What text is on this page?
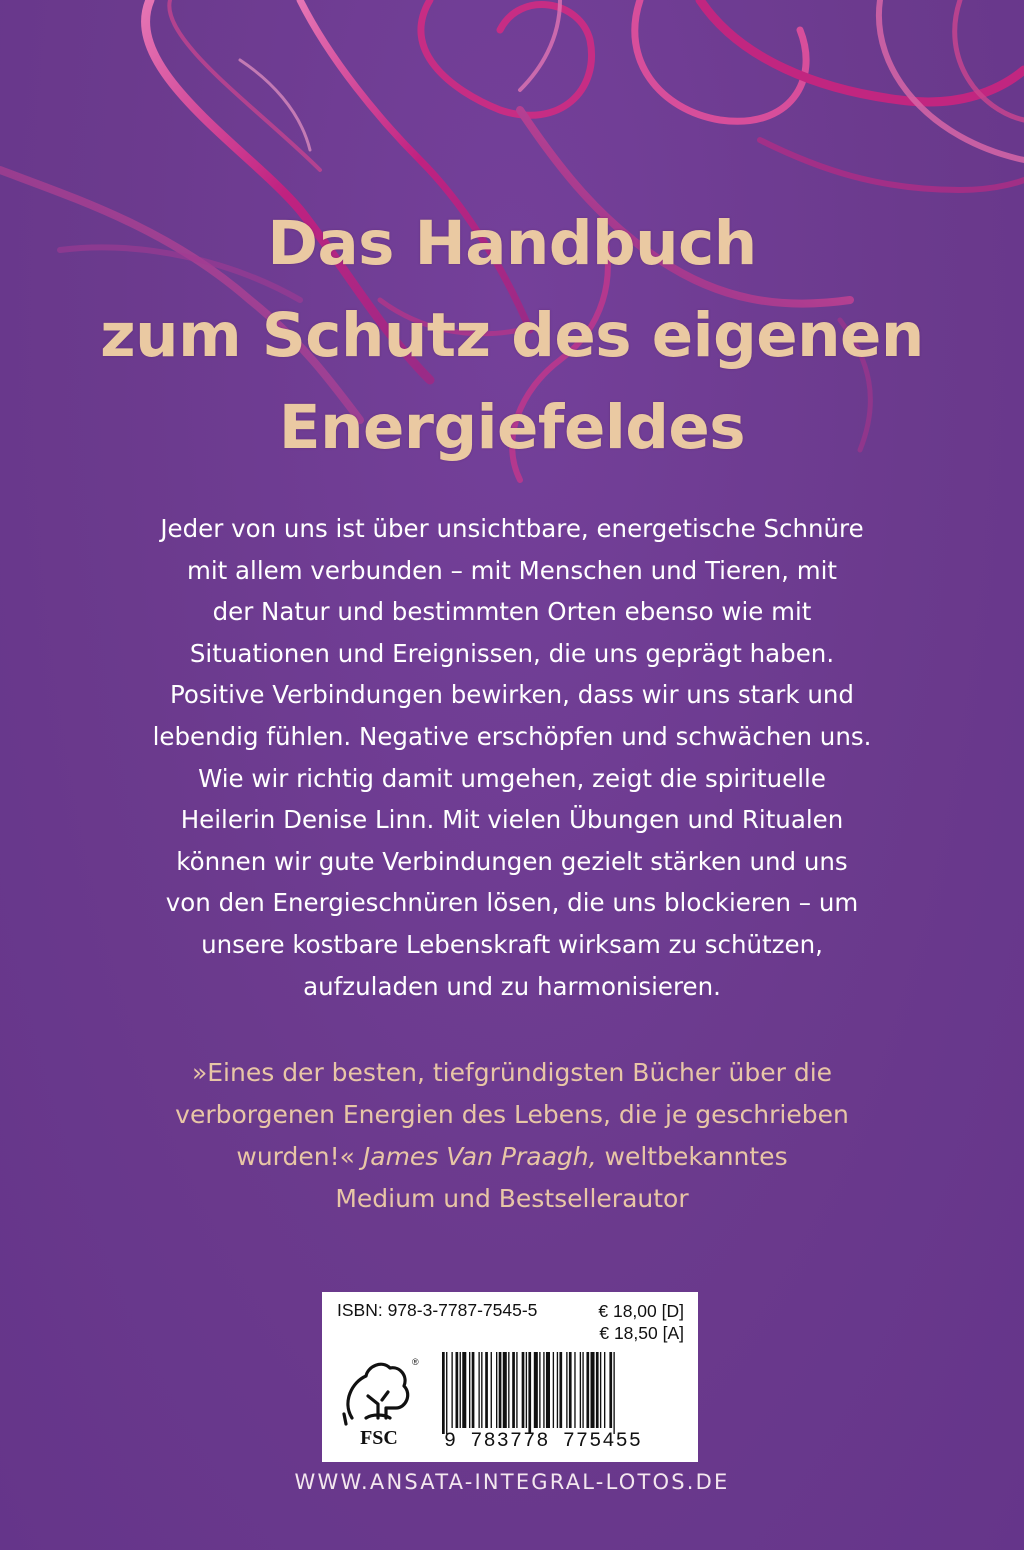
Das Handbuch
zum Schutz des eigenen
Energiefeldes
Jeder von uns ist über unsichtbare, energetische Schnüre
mit allem verbunden – mit Menschen und Tieren, mit
der Natur und bestimmten Orten ebenso wie mit
Situationen und Ereignissen, die uns geprägt haben.
Positive Verbindungen bewirken, dass wir uns stark und
lebendig fühlen. Negative erschöpfen und schwächen uns.
Wie wir richtig damit umgehen, zeigt die spirituelle
Heilerin Denise Linn. Mit vielen Übungen und Ritualen
können wir gute Verbindungen gezielt stärken und uns
von den Energieschnüren lösen, die uns blockieren – um
unsere kostbare Lebenskraft wirksam zu schützen,
aufzuladen und zu harmonisieren.
»Eines der besten, tiefgründigsten Bücher über die
verborgenen Energien des Lebens, die je geschrieben
wurden!« James Van Praagh, weltbekanntes
Medium und Bestsellerautor
ISBN: 978-3-7787-7545-5	€ 18,00 [D]
€ 18,50 [A]
®
FSC 9 783778 775455
WWW.ANSATA-INTEGRAL-LOTOS.DE
